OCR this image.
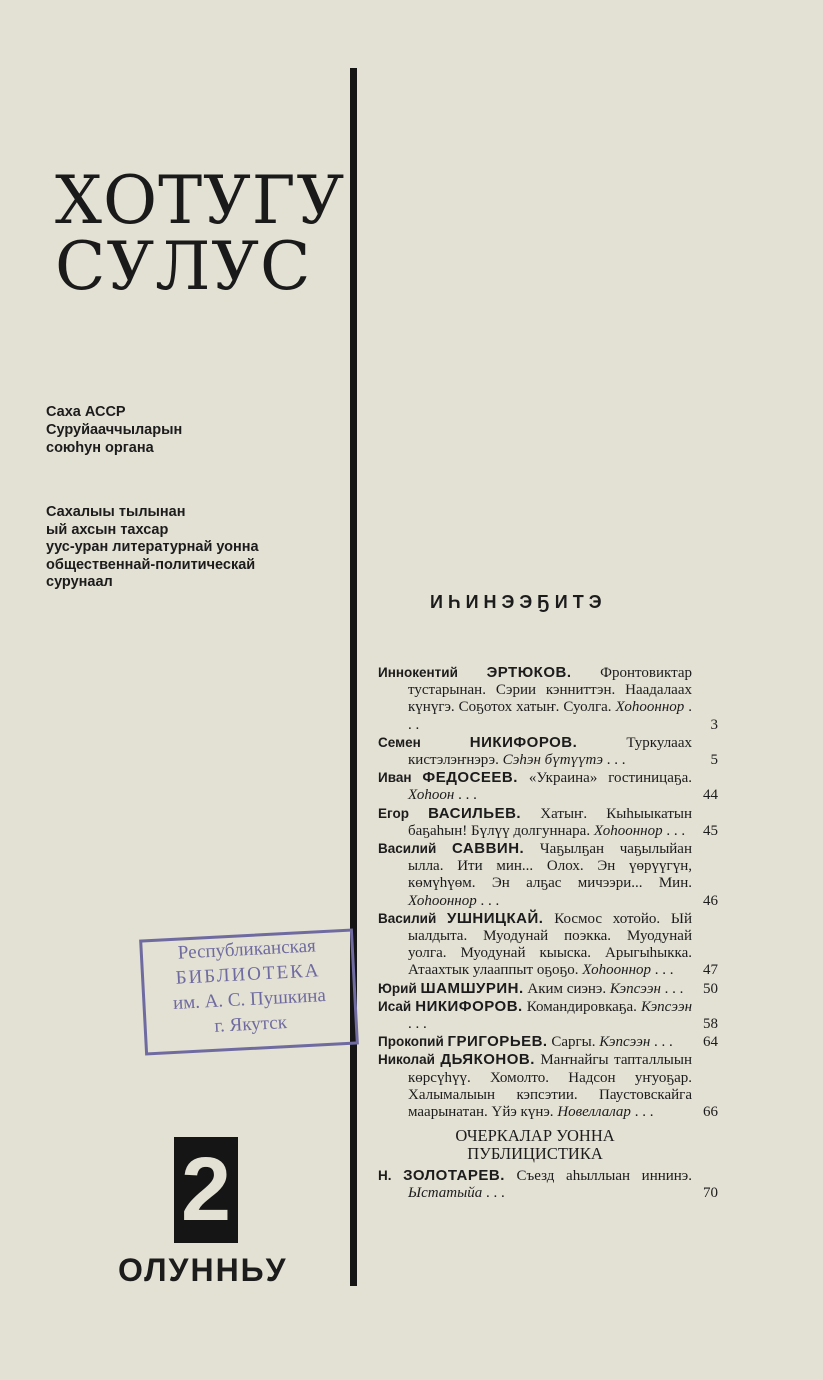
ХОТУГУ
СУЛУС
Саха АССР
Суруйааччыларын
союhун органа
Сахалыы тылынан
ый ахсын тахсар
уус-уран литературнай уонна
общественнай-политическай
сурунаал
Республиканская
БИБЛИОТЕКА
им. А. С. Пушкина
г. Якутск
2
ОЛУННЬУ
ИҺИНЭЭҔИТЭ
Иннокентий ЭРТЮКОВ. Фронтовиктар тустарынан. Сэрии кэнниттэн. Наадалаах күнүгэ. Соҕотох хатыҥ. Суолга. Хоhооннор . . .	3
Семен	НИКИФОРОВ.	Туркулаах кистэлэҥнэрэ. Сэhэн бүтүүтэ . . .	5
Иван ФЕДОСЕЕВ. «Украина» гостиницаҕа. Хоhоон . . .	44
Егор ВАСИЛЬЕВ. Хатыҥ. Кыhыыкатын баҕаhын! Бүлүү долгуннара. Хоhооннор . . .	45
Василий САВВИН. Чаҕылҕан чаҕылыйан ылла. Ити мин... Олох. Эн үөрүүгүн, көмүhүөм. Эн алҕас мичээри... Мин. Хоhооннор . . .	46
Василий УШНИЦКАЙ. Космос хотойо. Ый ыалдыта. Муодунай поэкка. Муодунай уолга. Муодунай кыыска. Арыгыhыкка. Атаахтык улааппыт оҕоҕо. Хоhооннор . . .	47
Юрий ШАМШУРИН. Аким сиэнэ. Кэпсээн . . .	50
Исай НИКИФОРОВ. Командировкаҕа. Кэпсээн . . .	58
Прокопий ГРИГОРЬЕВ. Саргы. Кэпсээн . . .	64
Николай ДЬЯКОНОВ. Маҥнайгы тапталлыын көрсүhүү. Хомолто. Надсон уҥуоҕар. Халымалыын кэпсэтии. Паустовскайга маарынатан. Үйэ күнэ. Новеллалар . . .	66
ОЧЕРКАЛАР УОННА
ПУБЛИЦИСТИКА
Н. ЗОЛОТАРЕВ. Съезд аhыллыан иннинэ. Ыстатыйа . . .	70
